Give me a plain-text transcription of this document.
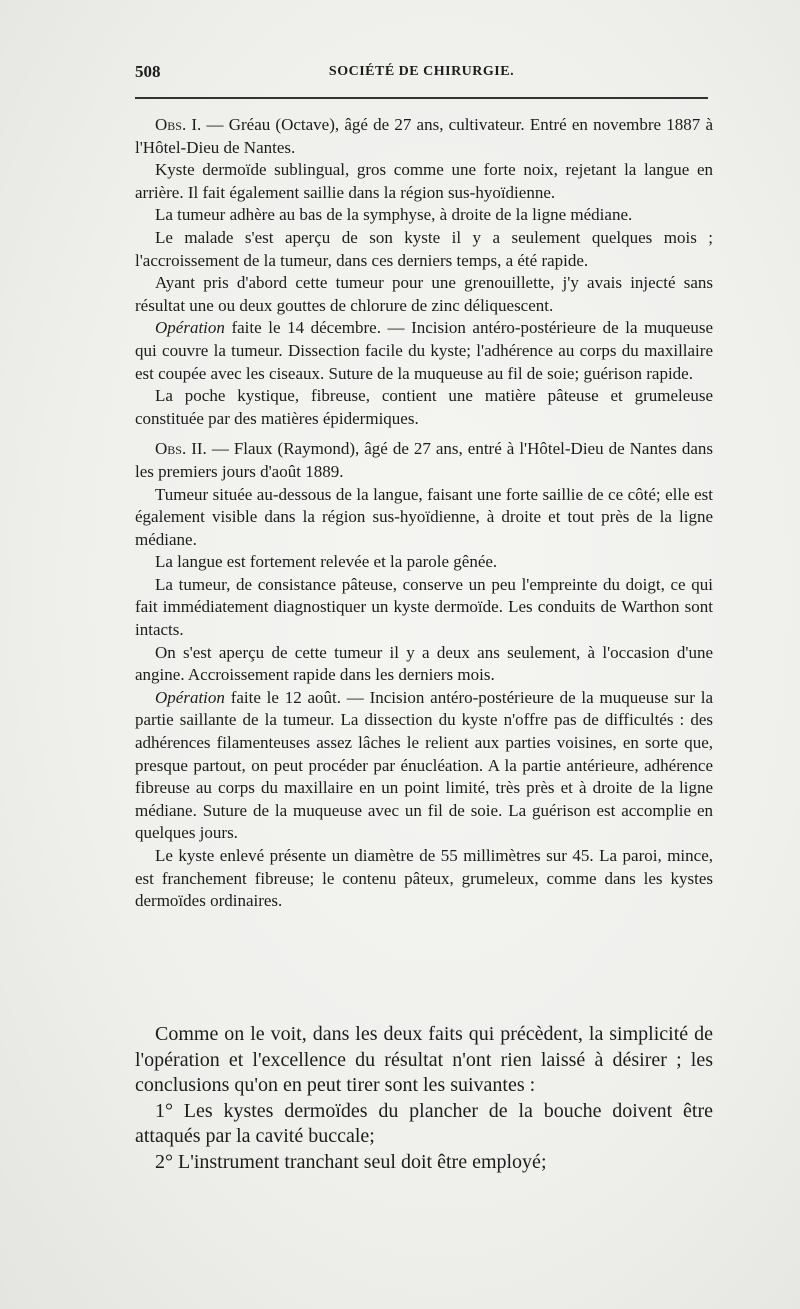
508	SOCIÉTÉ DE CHIRURGIE.

Obs. I. — Gréau (Octave), âgé de 27 ans, cultivateur. Entré en novembre 1887 à l'Hôtel-Dieu de Nantes.

Kyste dermoïde sublingual, gros comme une forte noix, rejetant la langue en arrière. Il fait également saillie dans la région sus-hyoïdienne.

La tumeur adhère au bas de la symphyse, à droite de la ligne médiane.

Le malade s'est aperçu de son kyste il y a seulement quelques mois ; l'accroissement de la tumeur, dans ces derniers temps, a été rapide.

Ayant pris d'abord cette tumeur pour une grenouillette, j'y avais injecté sans résultat une ou deux gouttes de chlorure de zinc déliquescent.

Opération faite le 14 décembre. — Incision antéro-postérieure de la muqueuse qui couvre la tumeur. Dissection facile du kyste; l'adhérence au corps du maxillaire est coupée avec les ciseaux. Suture de la muqueuse au fil de soie; guérison rapide.

La poche kystique, fibreuse, contient une matière pâteuse et grumeleuse constituée par des matières épidermiques.

Obs. II. — Flaux (Raymond), âgé de 27 ans, entré à l'Hôtel-Dieu de Nantes dans les premiers jours d'août 1889.

Tumeur située au-dessous de la langue, faisant une forte saillie de ce côté; elle est également visible dans la région sus-hyoïdienne, à droite et tout près de la ligne médiane.

La langue est fortement relevée et la parole gênée.

La tumeur, de consistance pâteuse, conserve un peu l'empreinte du doigt, ce qui fait immédiatement diagnostiquer un kyste dermoïde. Les conduits de Warthon sont intacts.

On s'est aperçu de cette tumeur il y a deux ans seulement, à l'occasion d'une angine. Accroissement rapide dans les derniers mois.

Opération faite le 12 août. — Incision antéro-postérieure de la muqueuse sur la partie saillante de la tumeur. La dissection du kyste n'offre pas de difficultés : des adhérences filamenteuses assez lâches le relient aux parties voisines, en sorte que, presque partout, on peut procéder par énucléation. A la partie antérieure, adhérence fibreuse au corps du maxillaire en un point limité, très près et à droite de la ligne médiane. Suture de la muqueuse avec un fil de soie. La guérison est accomplie en quelques jours.

Le kyste enlevé présente un diamètre de 55 millimètres sur 45. La paroi, mince, est franchement fibreuse; le contenu pâteux, grumeleux, comme dans les kystes dermoïdes ordinaires.

Comme on le voit, dans les deux faits qui précèdent, la simplicité de l'opération et l'excellence du résultat n'ont rien laissé à désirer ; les conclusions qu'on en peut tirer sont les suivantes :

1° Les kystes dermoïdes du plancher de la bouche doivent être attaqués par la cavité buccale;

2° L'instrument tranchant seul doit être employé;
